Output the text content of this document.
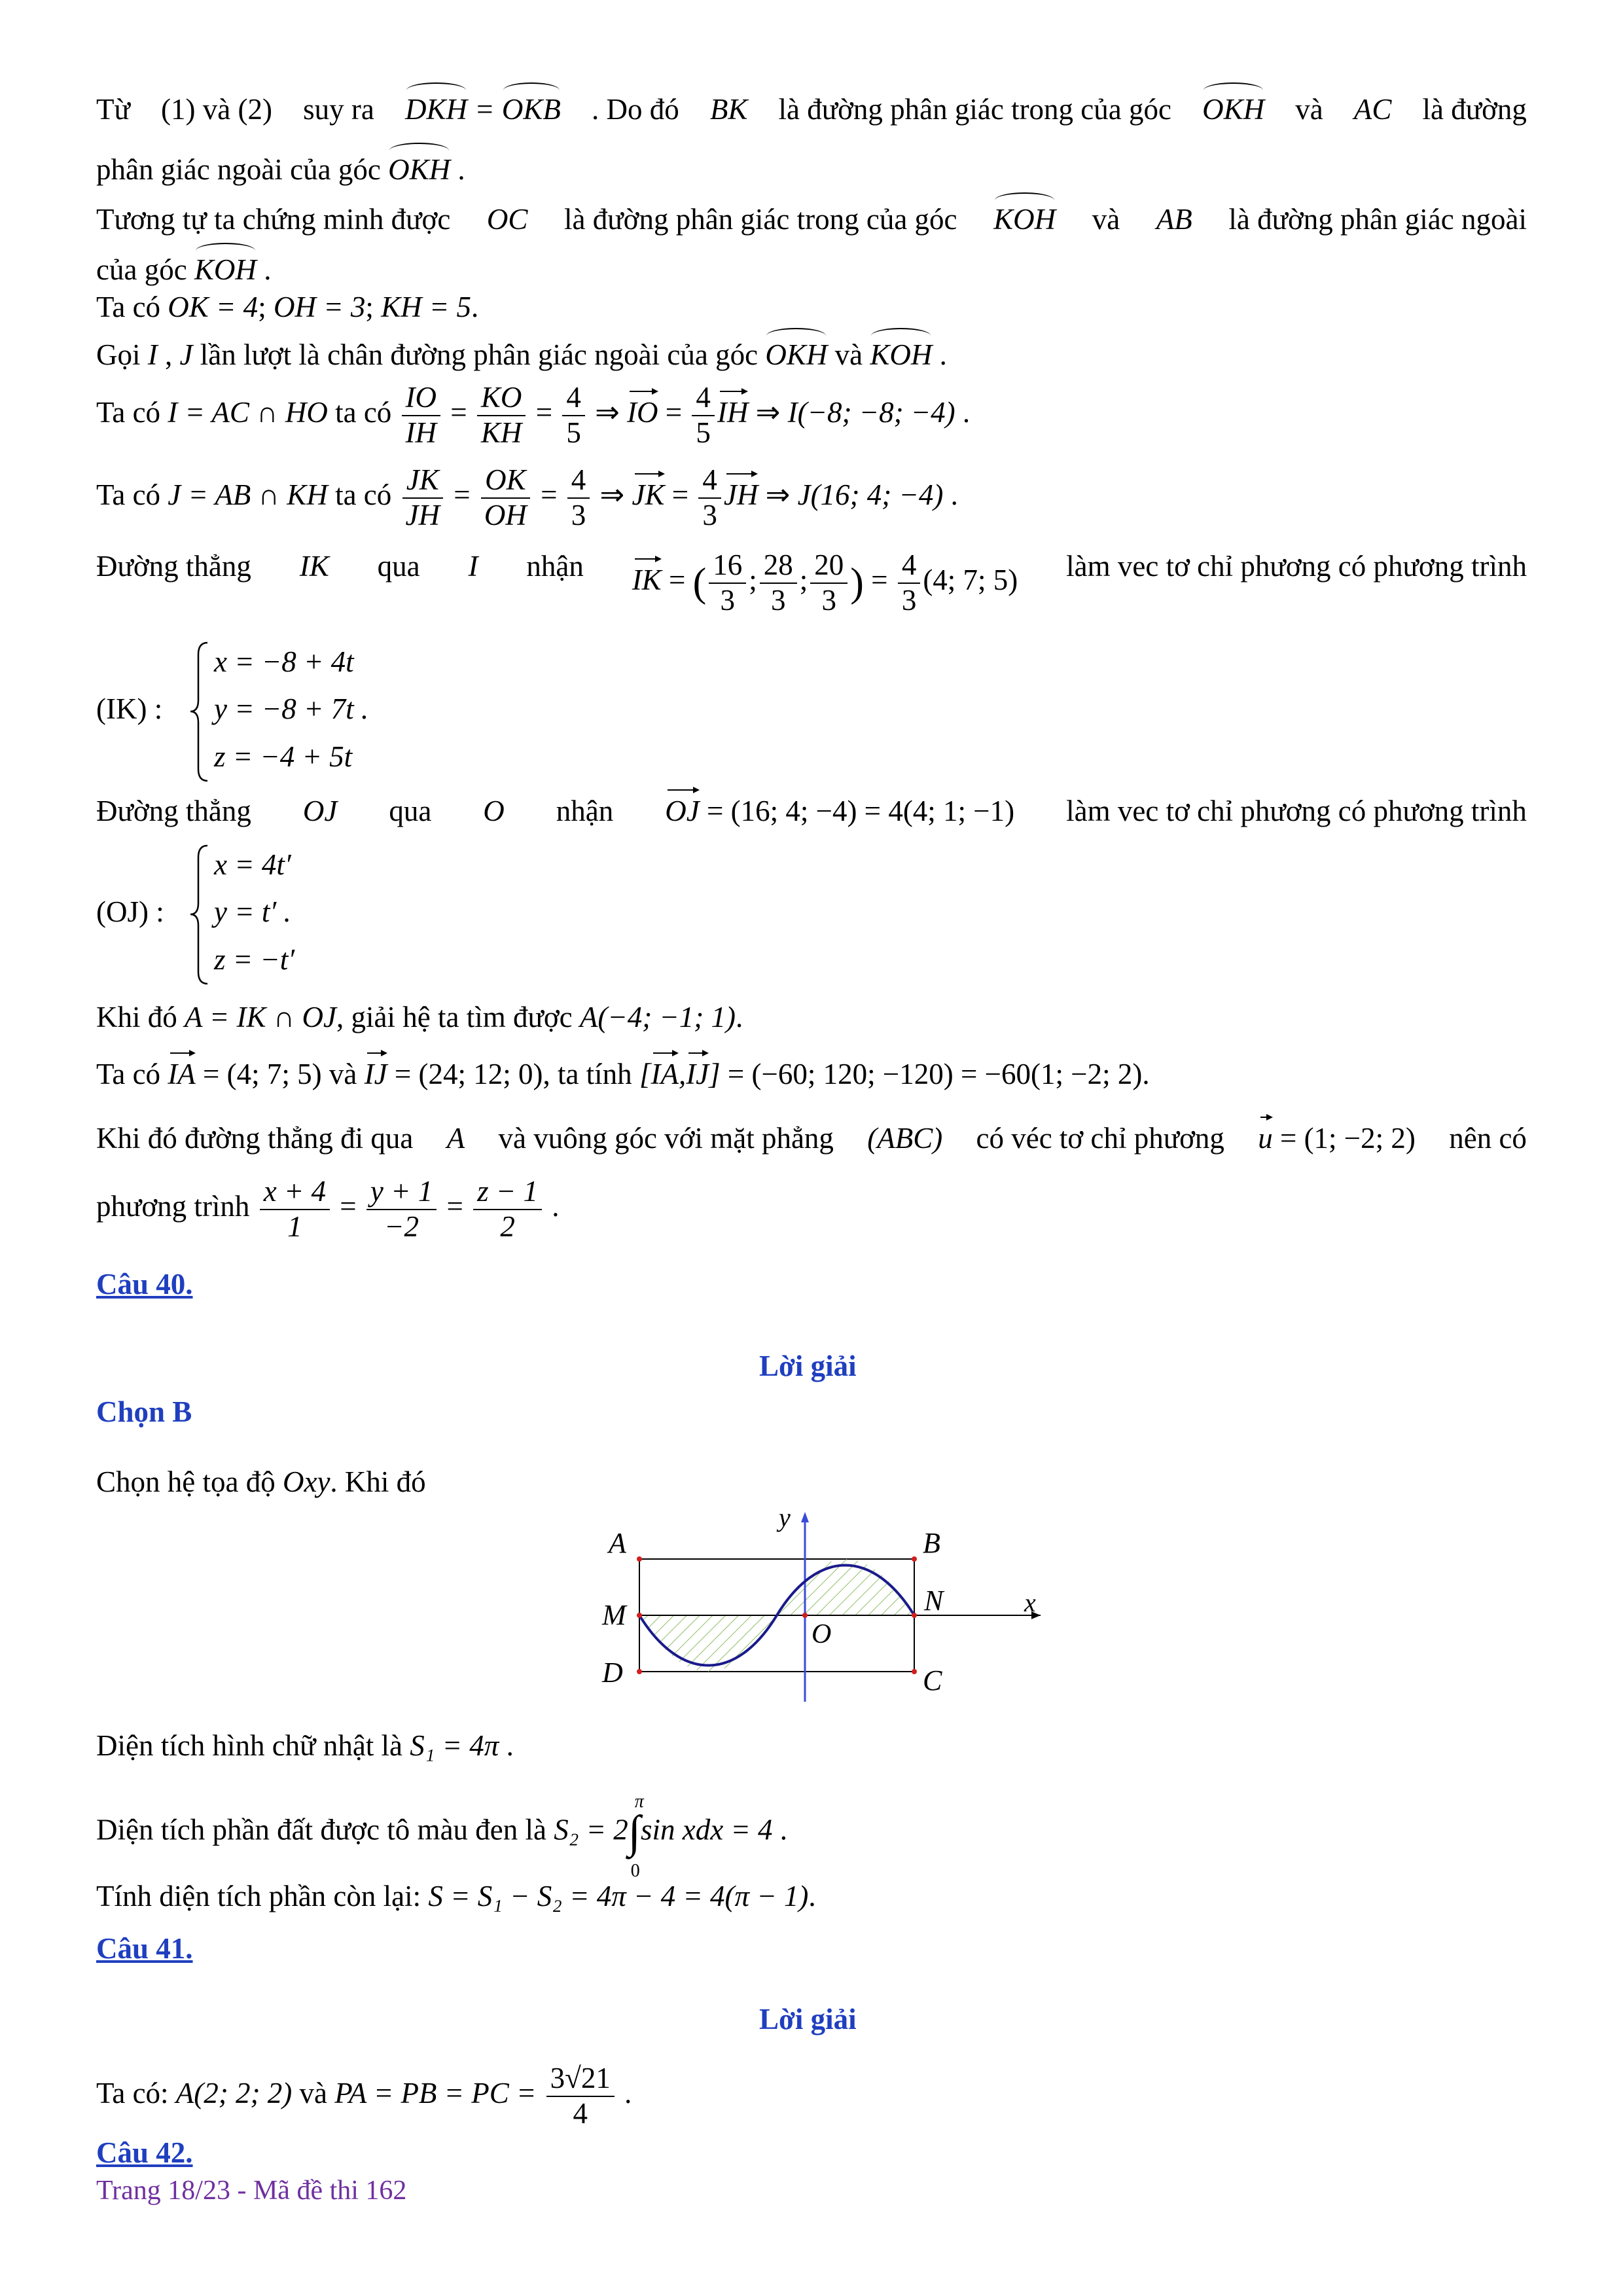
Từ (1) và (2) suy ra DKH = OKB . Do đó BK là đường phân giác trong của góc OKH và AC là đường
phân giác ngoài của góc OKH .
Tương tự ta chứng minh được OC là đường phân giác trong của góc KOH và AB là đường phân giác ngoài
của góc KOH .
Ta có OK = 4; OH = 3; KH = 5.
Gọi I , J lần lượt là chân đường phân giác ngoài của góc OKH và KOH .
Ta có I = AC ∩ HO ta có $\frac{IO}{IH} = \frac{KO}{KH} = \frac{4}{5}$ ⇒ IO = $\frac{4}{5}$ IH ⇒ I(−8; −8; −4) .
Ta có J = AB ∩ KH ta có $\frac{JK}{JH} = \frac{OK}{OH} = \frac{4}{3}$ ⇒ JK = $\frac{4}{3}$ JH ⇒ J(16; 4; −4) .
Đường thẳng IK qua I nhận IK = ( $\frac{16}{3}$ ; $\frac{28}{3}$ ; $\frac{20}{3}$ ) = $\frac{4}{3} (4$; 7; 5) làm vec tơ chỉ phương có phương trình
(IK) :
x = −8 + 4t
y = −8 + 7t .
z = −4 + 5t
Đường thẳng OJ qua O nhận OJ = (16; 4; −4) = 4(4; 1; −1) làm vec tơ chỉ phương có phương trình
(OJ) :
x = 4t′
y = t′ .
z = −t′
Khi đó A = IK ∩ OJ, giải hệ ta tìm được A(−4; −1; 1).
Ta có IA = (4; 7; 5) và IJ = (24; 12; 0), ta tính [IA,IJ] = (−60; 120; −120) = −60(1; −2; 2).
Khi đó đường thẳng đi qua A và vuông góc với mặt phẳng (ABC) có véc tơ chỉ phương u = (1; −2; 2) nên có
phương trình $\frac{x + 4}{1} = \frac{y + 1}{-2} = \frac{z - 1}{2}$ .
Câu 40.
Lời giải
Chọn B
Chọn hệ tọa độ Oxy. Khi đó
A	B
M	N
D	C
O
x
y
Diện tích hình chữ nhật là S₁ = 4π .
Diện tích phần đất được tô màu đen là S₂ = 2∫
π
0
sin xdx = 4 .
Tính diện tích phần còn lại: S = S₁ − S₂ = 4π − 4 = 4(π − 1).
Câu 41.
Lời giải
Ta có: A(2; 2; 2) và PA = PB = PC = $\frac{3√21}{4}$ .
Câu 42.
Trang 18/23 - Mã đề thi 162
